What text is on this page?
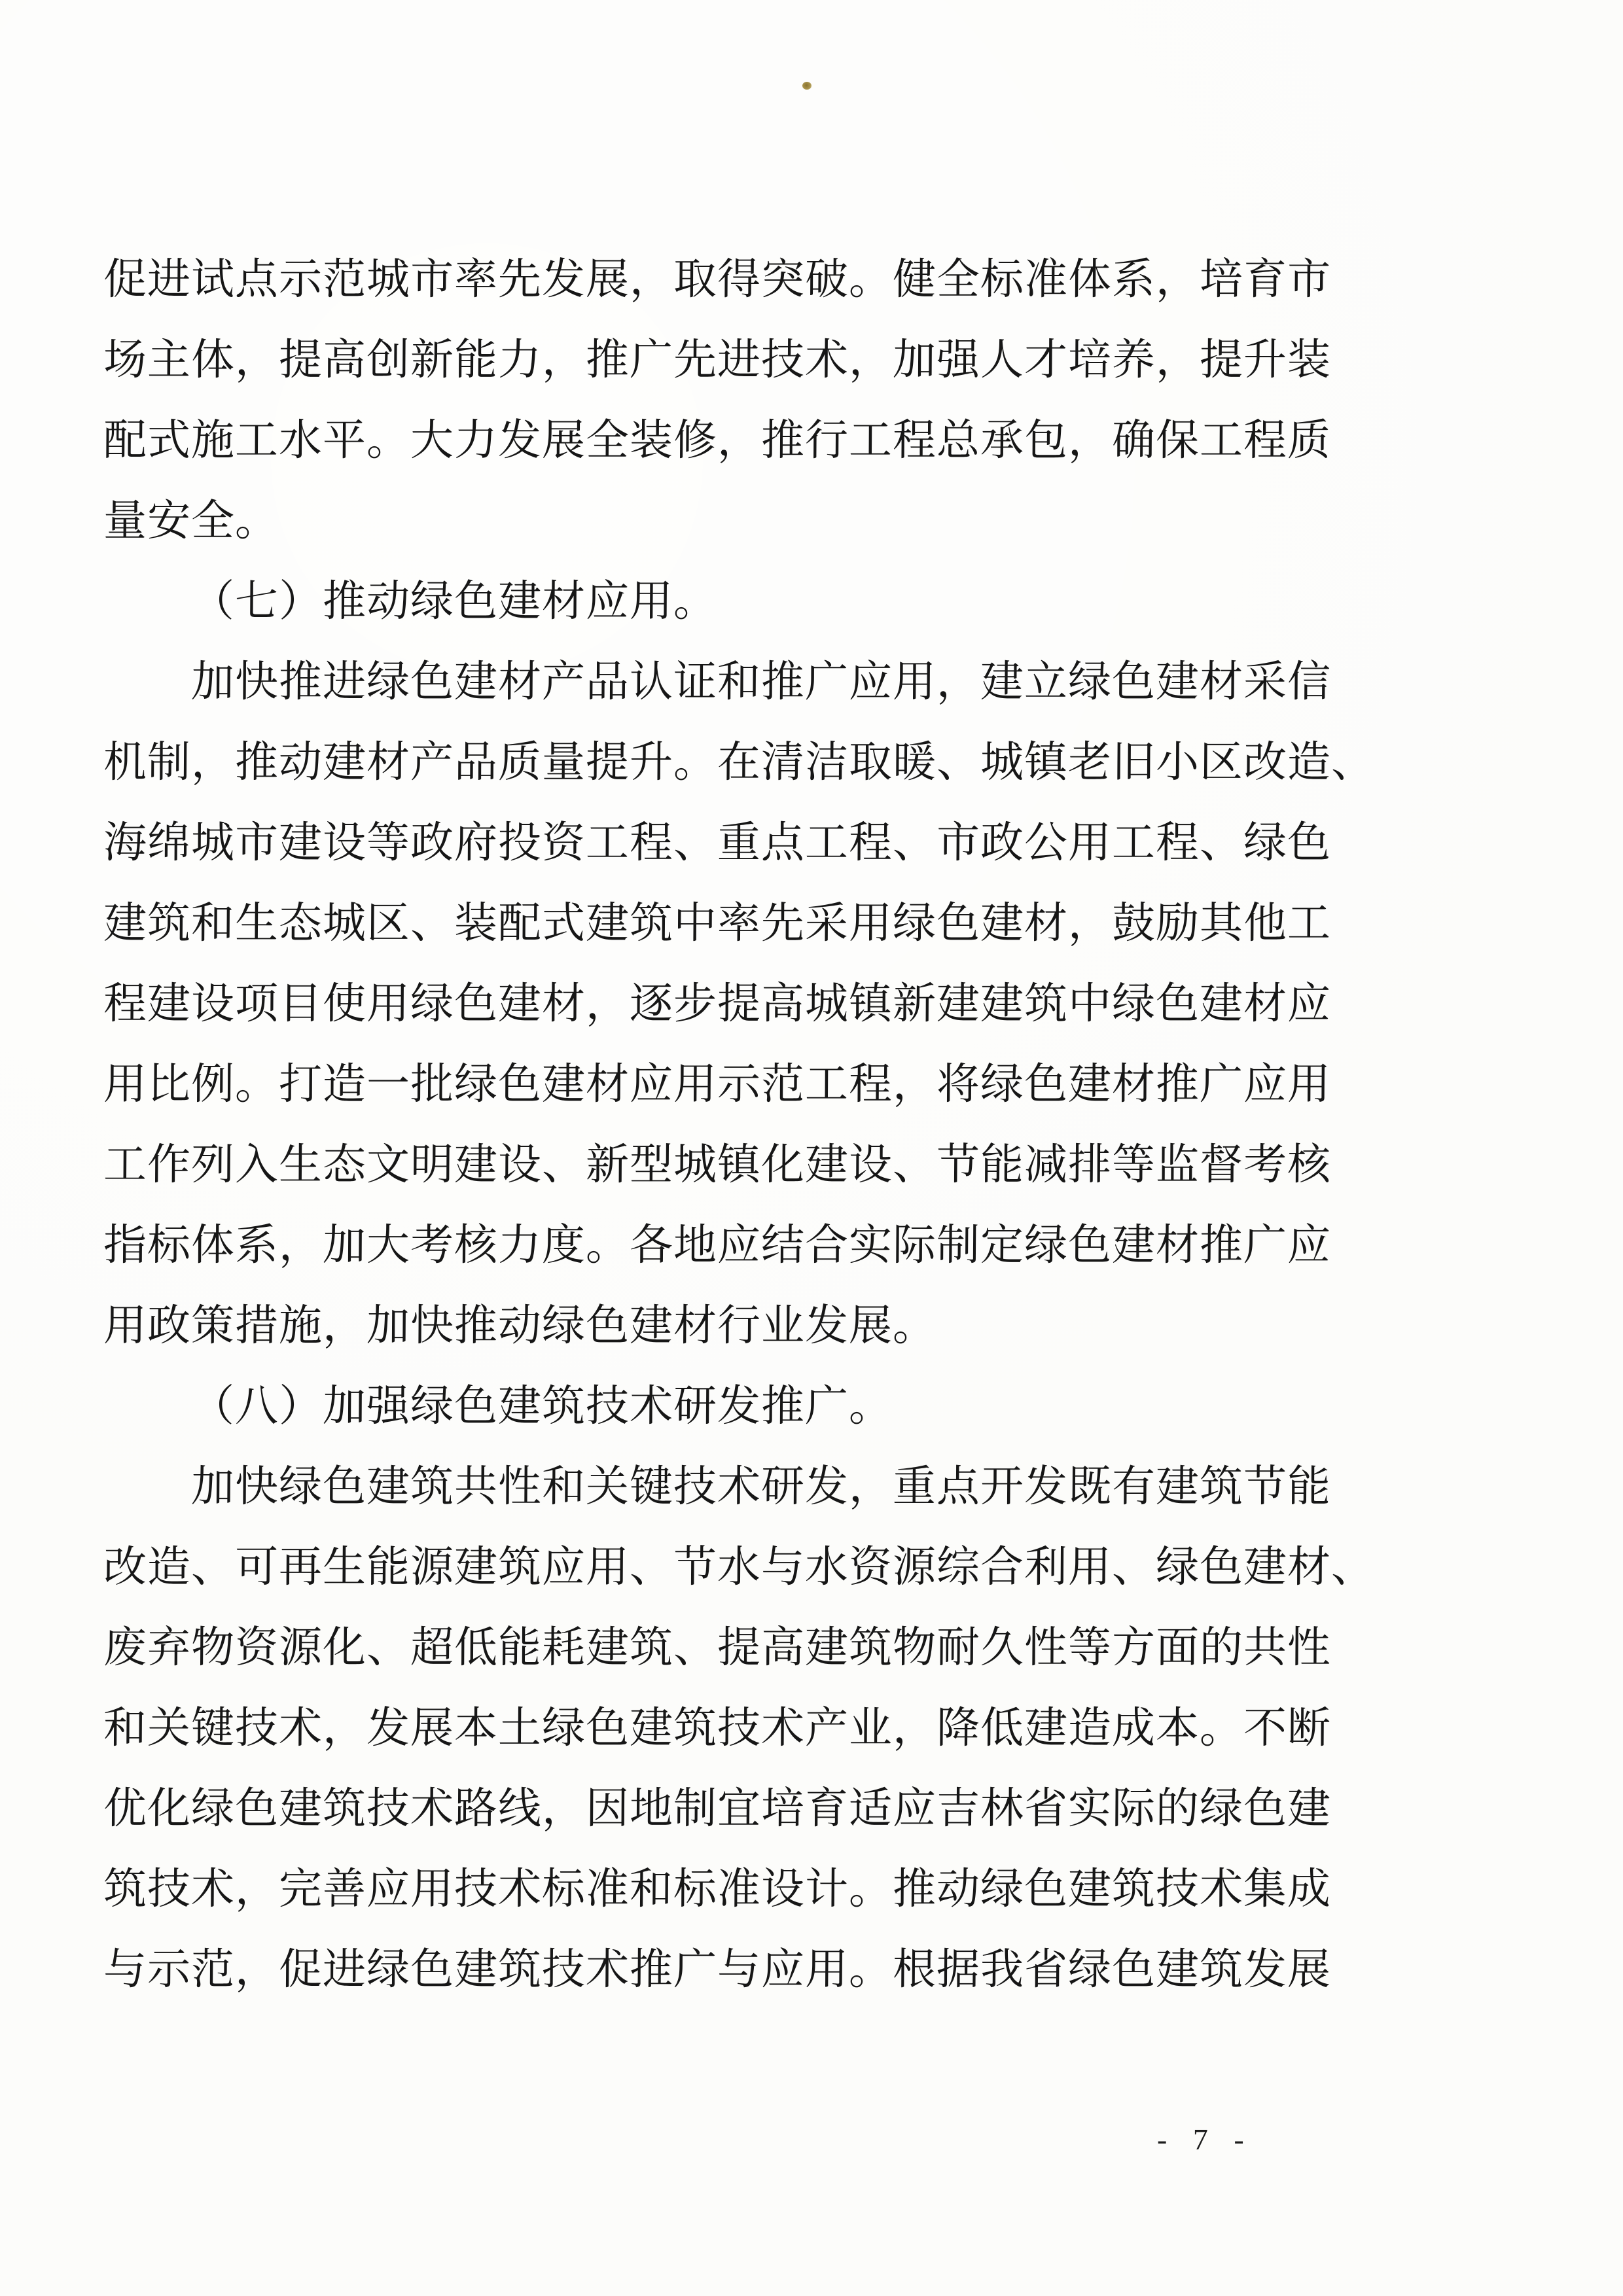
促进试点示范城市率先发展，取得突破。健全标准体系，培育市
场主体，提高创新能力，推广先进技术，加强人才培养，提升装
配式施工水平。大力发展全装修，推行工程总承包，确保工程质
量安全。
（七）推动绿色建材应用。
加快推进绿色建材产品认证和推广应用，建立绿色建材采信
机制，推动建材产品质量提升。在清洁取暖、城镇老旧小区改造、
海绵城市建设等政府投资工程、重点工程、市政公用工程、绿色
建筑和生态城区、装配式建筑中率先采用绿色建材，鼓励其他工
程建设项目使用绿色建材，逐步提高城镇新建建筑中绿色建材应
用比例。打造一批绿色建材应用示范工程，将绿色建材推广应用
工作列入生态文明建设、新型城镇化建设、节能减排等监督考核
指标体系，加大考核力度。各地应结合实际制定绿色建材推广应
用政策措施，加快推动绿色建材行业发展。
（八）加强绿色建筑技术研发推广。
加快绿色建筑共性和关键技术研发，重点开发既有建筑节能
改造、可再生能源建筑应用、节水与水资源综合利用、绿色建材、
废弃物资源化、超低能耗建筑、提高建筑物耐久性等方面的共性
和关键技术，发展本土绿色建筑技术产业，降低建造成本。不断
优化绿色建筑技术路线，因地制宜培育适应吉林省实际的绿色建
筑技术，完善应用技术标准和标准设计。推动绿色建筑技术集成
与示范，促进绿色建筑技术推广与应用。根据我省绿色建筑发展
- 7 -
